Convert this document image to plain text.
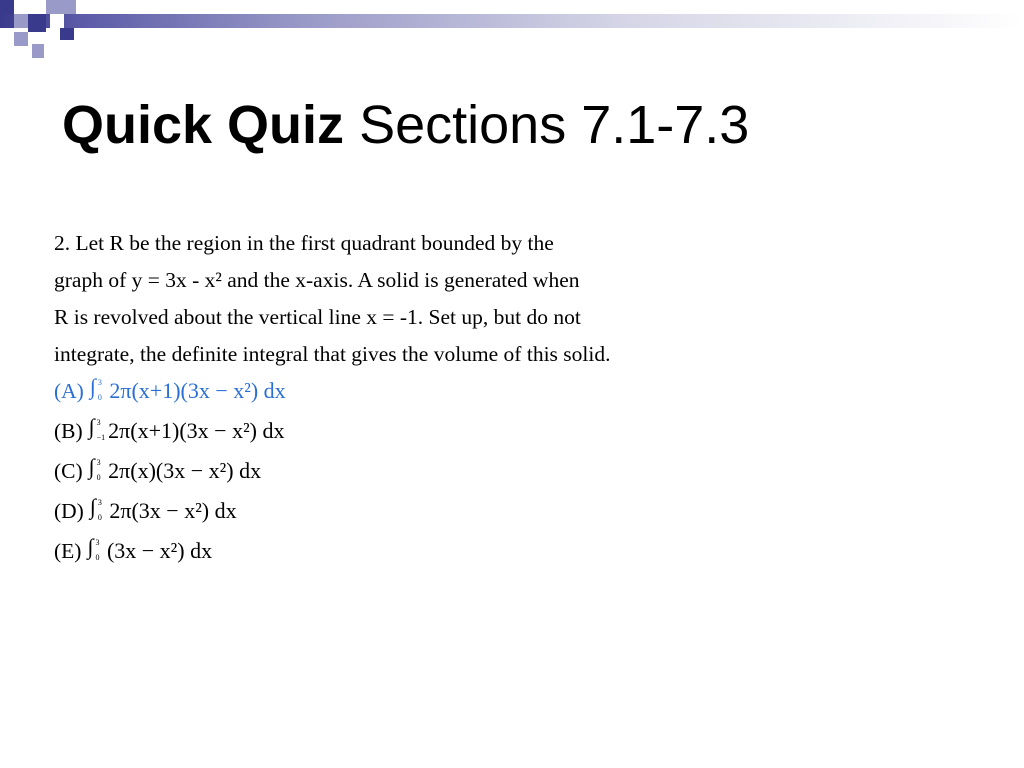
Quick Quiz Sections 7.1-7.3
2. Let R be the region in the first quadrant bounded by the
graph of y = 3x - x² and the x-axis. A solid is generated when
R is revolved about the vertical line x = -1. Set up, but do not
integrate, the definite integral that gives the volume of this solid.
(A) ∫ 3
0 2π(x+1)(3x − x²) dx
(B) ∫ 3
−1
2π(x+1)(3x − x²) dx
(C) ∫ 3
0 2π(x)(3x − x²) dx
(D) ∫ 3
0 2π(3x − x²) dx
(E) ∫ 3
0 (3x − x²) dx
